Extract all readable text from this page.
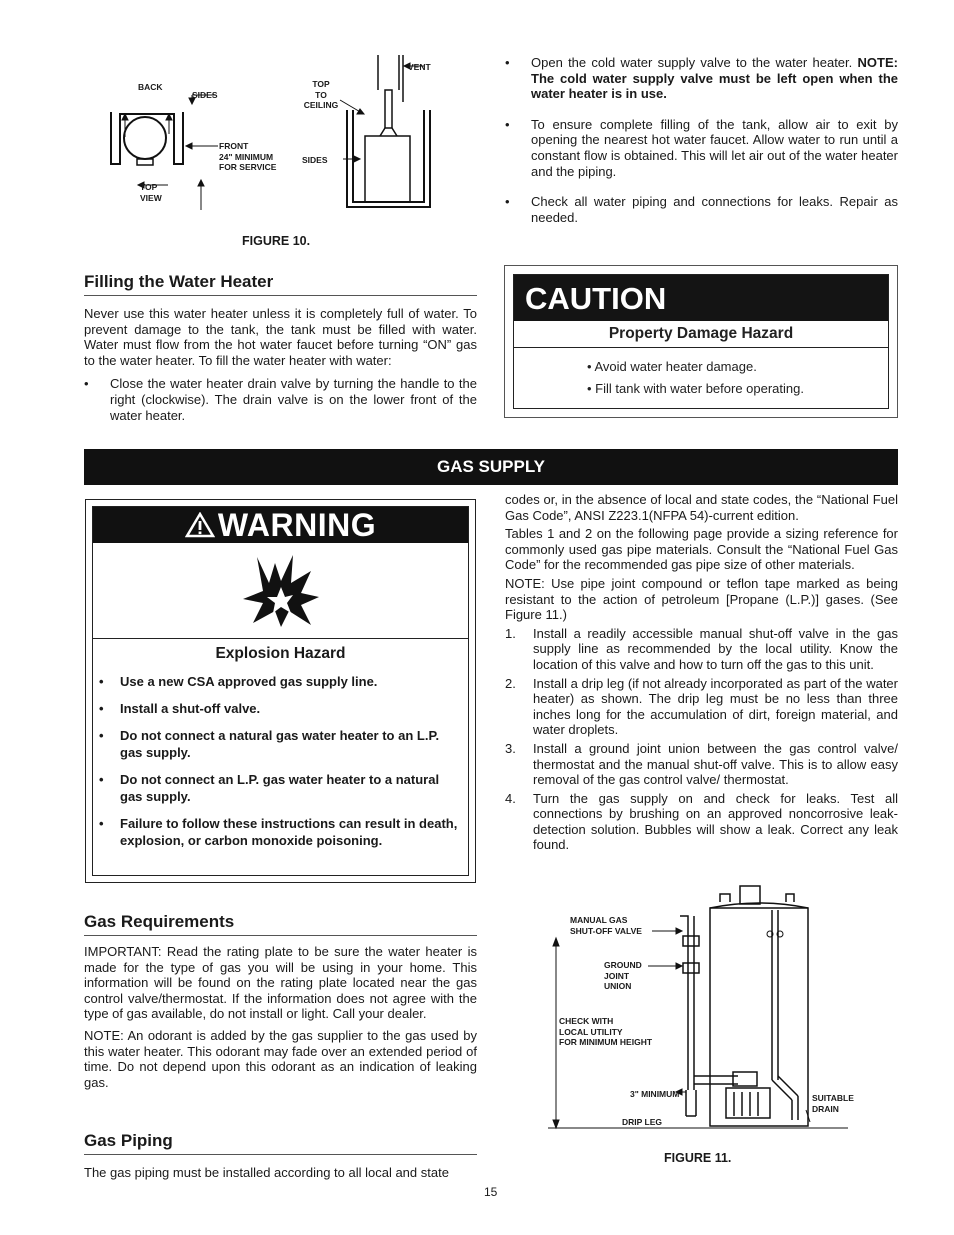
BACK
SIDES
FRONT
24" MINIMUM
FOR SERVICE
TOP
VIEW
VENT
TOP
TO
CEILING
SIDES
FIGURE 10.
• Open the cold water supply valve to the water heater. NOTE: The cold water supply valve must be left open when the water heater is in use.
• To ensure complete filling of the tank, allow air to exit by opening the nearest hot water faucet. Allow water to run until a constant flow is obtained. This will let air out of the water heater and the piping.
• Check all water piping and connections for leaks. Repair as needed.
Filling the Water Heater

Never use this water heater unless it is completely full of water. To prevent damage to the tank, the tank must be filled with water. Water must flow from the hot water faucet before turning “ON” gas to the water heater. To fill the water heater with water:

• Close the water heater drain valve by turning the handle to the right (clockwise). The drain valve is on the lower front of the water heater.
CAUTION
Property Damage Hazard
• Avoid water heater damage.
• Fill tank with water before operating.
GAS SUPPLY
WARNING
Explosion Hazard
• Use a new CSA approved gas supply line.
• Install a shut-off valve.
• Do not connect a natural gas water heater to an L.P. gas supply.
• Do not connect an L.P. gas water heater to a natural gas supply.
• Failure to follow these instructions can result in death, explosion, or carbon monoxide poisoning.

codes or, in the absence of local and state codes, the “National Fuel Gas Code”, ANSI Z223.1(NFPA 54)-current edition.

Tables 1 and 2 on the following page provide a sizing reference for commonly used gas pipe materials. Consult the “National Fuel Gas Code” for the recommended gas pipe size of other materials.

NOTE: Use pipe joint compound or teflon tape marked as being resistant to the action of petroleum [Propane (L.P.)] gases. (See Figure 11.)

1. Install a readily accessible manual shut-off valve in the gas supply line as recommended by the local utility. Know the location of this valve and how to turn off the gas to this unit.
2. Install a drip leg (if not already incorporated as part of the water heater) as shown. The drip leg must be no less than three inches long for the accumulation of dirt, foreign material, and water droplets.
3. Install a ground joint union between the gas control valve/ thermostat and the manual shut-off valve. This is to allow easy removal of the gas control valve/ thermostat.
4. Turn the gas supply on and check for leaks. Test all connections by brushing on an approved noncorrosive leak-detection solution. Bubbles will show a leak. Correct any leak found.
Gas Requirements

IMPORTANT: Read the rating plate to be sure the water heater is made for the type of gas you will be using in your home. This information will be found on the rating plate located near the gas control valve/thermostat. If the information does not agree with the type of gas available, do not install or light. Call your dealer.

NOTE: An odorant is added by the gas supplier to the gas used by this water heater. This odorant may fade over an extended period of time. Do not depend upon this odorant as an indication of leaking gas.

Gas Piping

The gas piping must be installed according to all local and state

MANUAL GAS
SHUT-OFF VALVE
GROUND
JOINT
UNION
CHECK WITH
LOCAL UTILITY
FOR MINIMUM HEIGHT
3" MINIMUM
DRIP LEG
SUITABLE
DRAIN
FIGURE 11.
15
